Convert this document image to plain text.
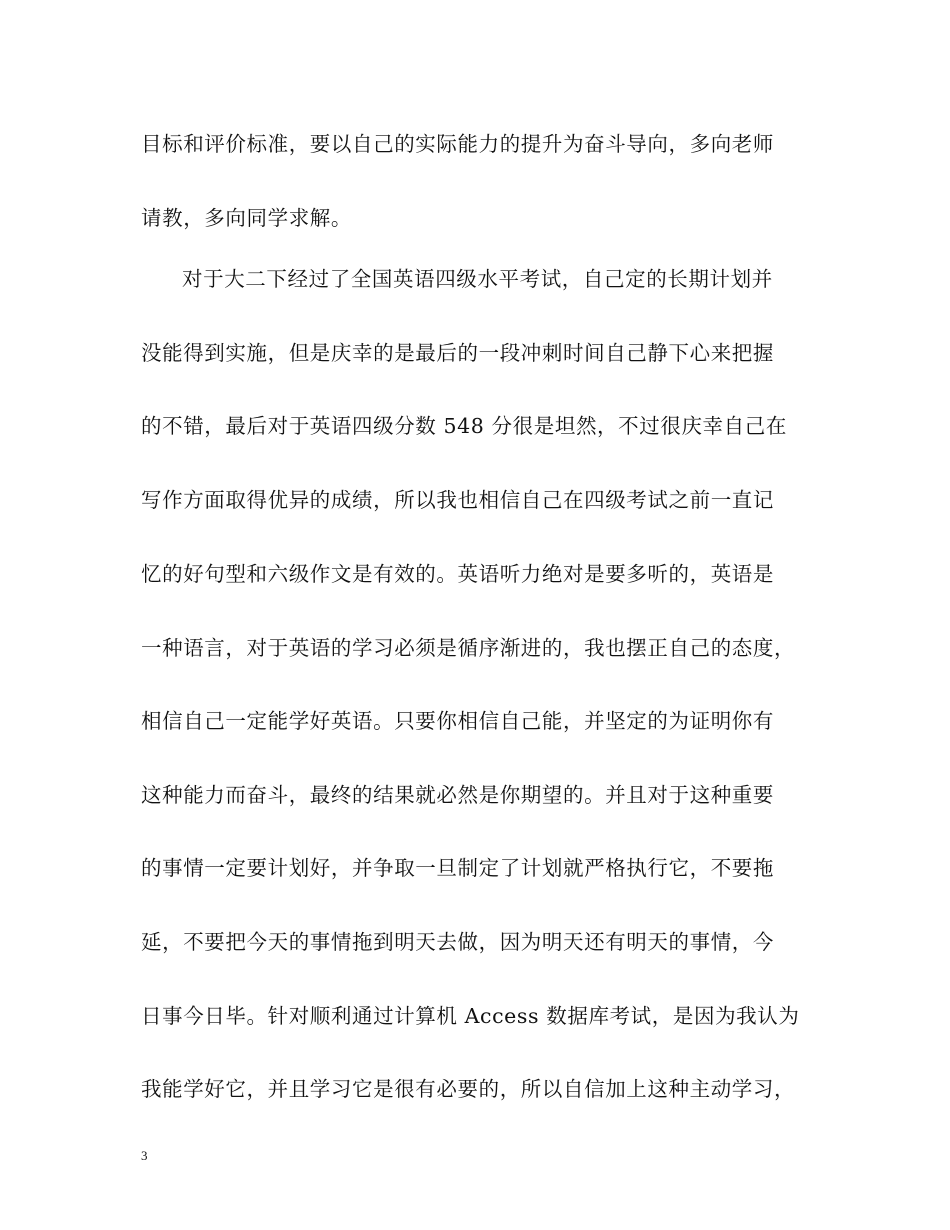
目标和评价标准，要以自己的实际能力的提升为奋斗导向，多向老师
请教，多向同学求解。
对于大二下经过了全国英语四级水平考试，自己定的长期计划并
没能得到实施，但是庆幸的是最后的一段冲刺时间自己静下心来把握
的不错，最后对于英语四级分数 548 分很是坦然，不过很庆幸自己在
写作方面取得优异的成绩，所以我也相信自己在四级考试之前一直记
忆的好句型和六级作文是有效的。英语听力绝对是要多听的，英语是
一种语言，对于英语的学习必须是循序渐进的，我也摆正自己的态度，
相信自己一定能学好英语。只要你相信自己能，并坚定的为证明你有
这种能力而奋斗，最终的结果就必然是你期望的。并且对于这种重要
的事情一定要计划好，并争取一旦制定了计划就严格执行它，不要拖
延，不要把今天的事情拖到明天去做，因为明天还有明天的事情，今
日事今日毕。针对顺利通过计算机 Access 数据库考试，是因为我认为
我能学好它，并且学习它是很有必要的，所以自信加上这种主动学习，
3
